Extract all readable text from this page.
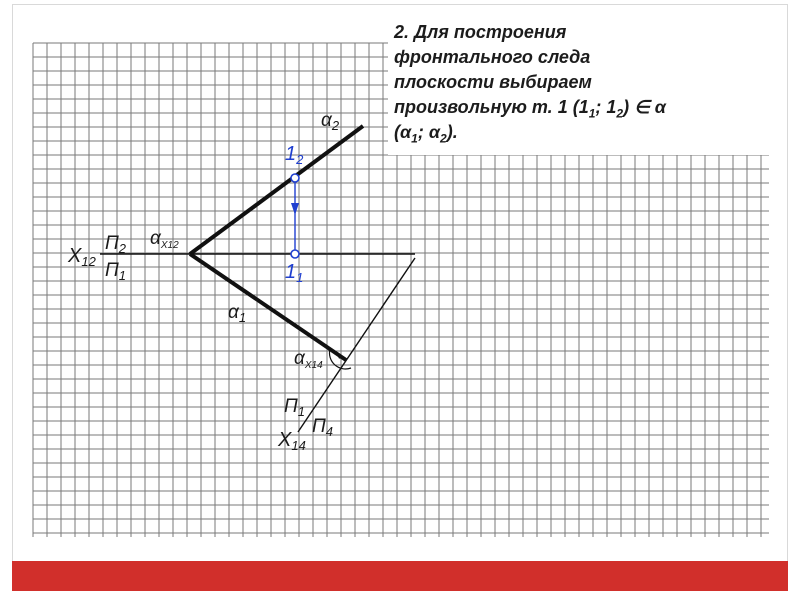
$X_{12}$
$П_2$
$П_1$
$\alpha_{X12}$
$\alpha_2$
$\alpha_1$
$1_2$
$1_1$
$\alpha_{X14}$
$П_1$
$П_4$
$X_{14}$

2. Для построения
фронтального следа
плоскости выбираем
произвольную т. 1 ($1_1$; $1_2$) ∈ α
($\alpha_1$; $\alpha_2$).
